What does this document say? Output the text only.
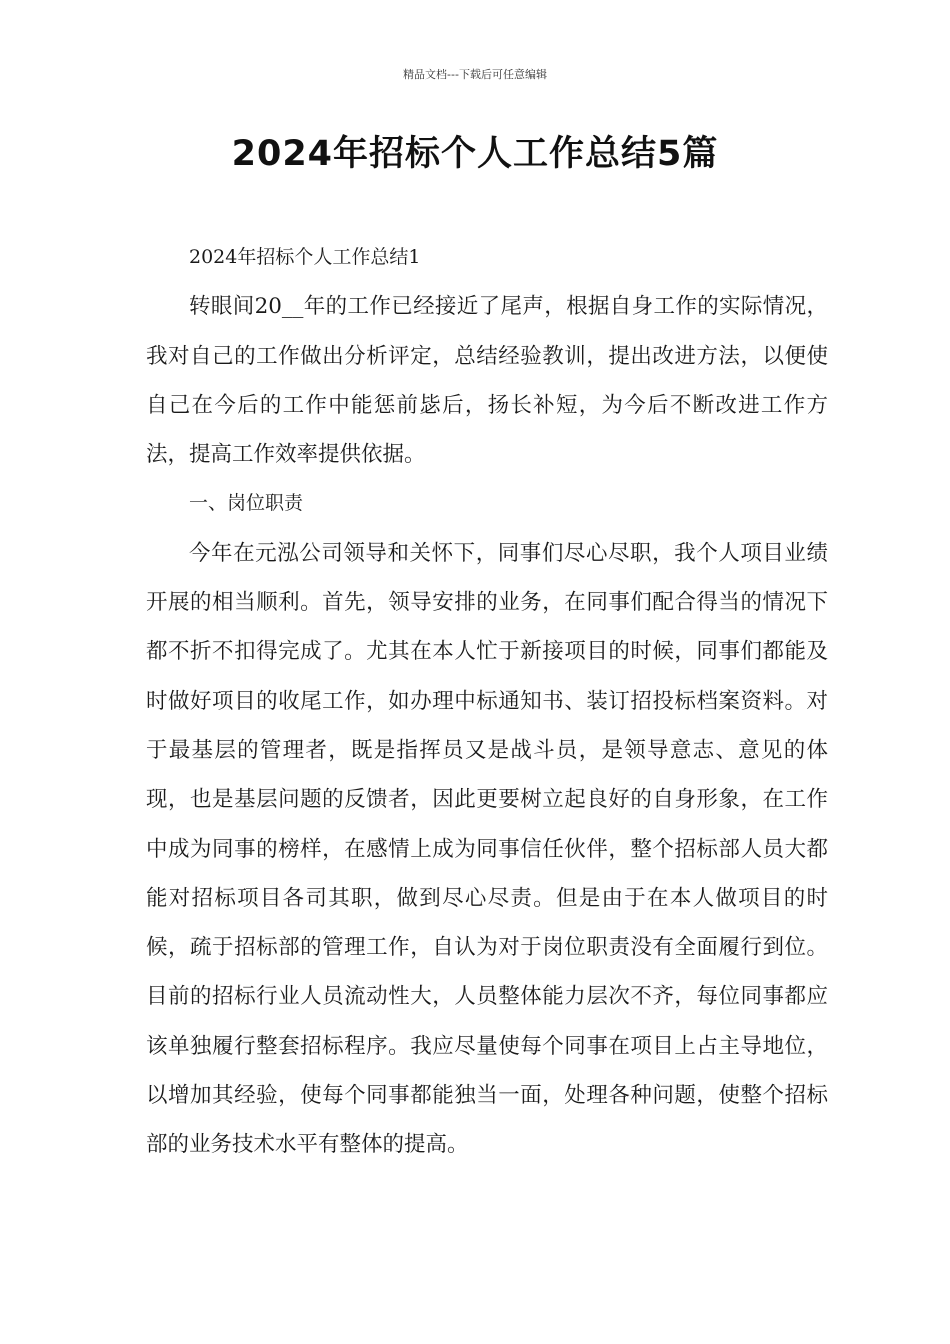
精品文档---下载后可任意编辑
2024年招标个人工作总结5篇

2024年招标个人工作总结1

转眼间20__年的工作已经接近了尾声，根据自身工作的实际情况，我对自己的工作做出分析评定，总结经验教训，提出改进方法，以便使自己在今后的工作中能惩前毖后，扬长补短，为今后不断改进工作方法，提高工作效率提供依据。

一、岗位职责

今年在元泓公司领导和关怀下，同事们尽心尽职，我个人项目业绩开展的相当顺利。首先，领导安排的业务，在同事们配合得当的情况下都不折不扣得完成了。尤其在本人忙于新接项目的时候，同事们都能及时做好项目的收尾工作，如办理中标通知书、装订招投标档案资料。对于最基层的管理者，既是指挥员又是战斗员，是领导意志、意见的体现，也是基层问题的反馈者，因此更要树立起良好的自身形象，在工作中成为同事的榜样，在感情上成为同事信任伙伴，整个招标部人员大都能对招标项目各司其职，做到尽心尽责。但是由于在本人做项目的时候，疏于招标部的管理工作，自认为对于岗位职责没有全面履行到位。目前的招标行业人员流动性大，人员整体能力层次不齐，每位同事都应该单独履行整套招标程序。我应尽量使每个同事在项目上占主导地位，以增加其经验，使每个同事都能独当一面，处理各种问题，使整个招标部的业务技术水平有整体的提高。
